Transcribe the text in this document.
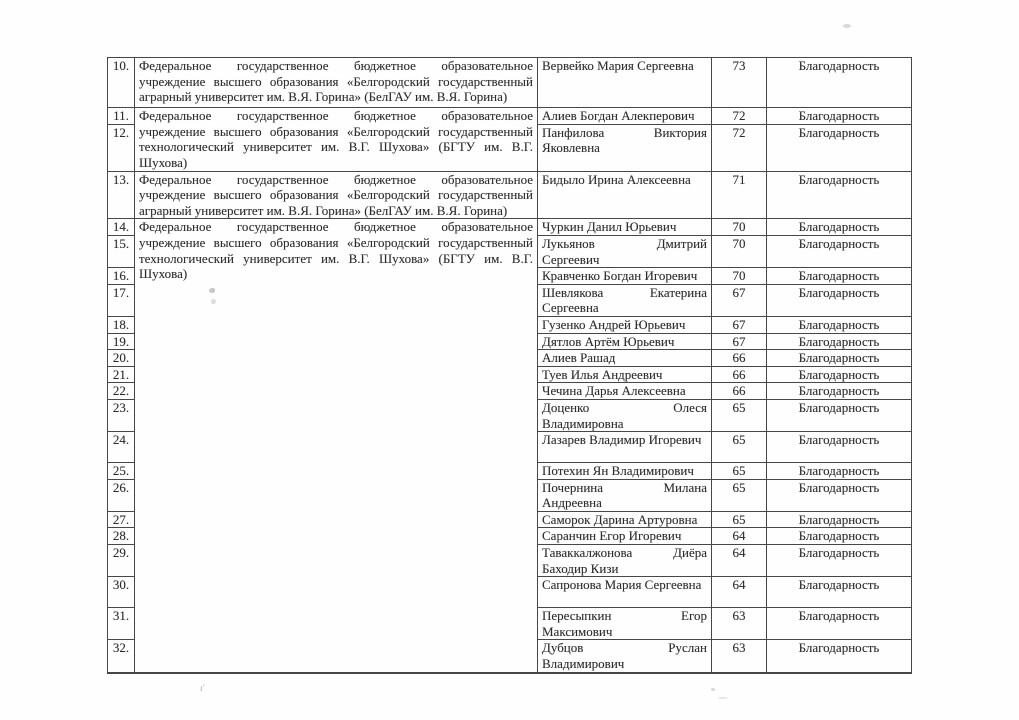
10.	Федеральное государственное бюджетное образовательное учреждение высшего образования «Белгородский государственный аграрный университет им. В.Я. Горина» (БелГАУ им. В.Я. Горина)	Вервейко Мария Сергеевна	73	Благодарность
11.	Федеральное государственное бюджетное образовательное учреждение высшего образования «Белгородский государственный технологический университет им. В.Г. Шухова» (БГТУ им. В.Г. Шухова)	Алиев Богдан Алекперович	72	Благодарность
12.		Панфилова Виктория Яковлевна	72	Благодарность
13.	Федеральное государственное бюджетное образовательное учреждение высшего образования «Белгородский государственный аграрный университет им. В.Я. Горина» (БелГАУ им. В.Я. Горина)	Бидыло Ирина Алексеевна	71	Благодарность
14.	Федеральное государственное бюджетное образовательное учреждение высшего образования «Белгородский государственный технологический университет им. В.Г. Шухова» (БГТУ им. В.Г. Шухова)	Чуркин Данил Юрьевич	70	Благодарность
15.		Лукьянов Дмитрий Сергеевич	70	Благодарность
16.		Кравченко Богдан Игоревич	70	Благодарность
17.		Шевлякова Екатерина Сергеевна	67	Благодарность
18.		Гузенко Андрей Юрьевич	67	Благодарность
19.		Дятлов Артём Юрьевич	67	Благодарность
20.		Алиев Рашад	66	Благодарность
21.		Туев Илья Андреевич	66	Благодарность
22.		Чечина Дарья Алексеевна	66	Благодарность
23.		Доценко Олеся Владимировна	65	Благодарность
24.		Лазарев Владимир Игоревич	65	Благодарность
25.		Потехин Ян Владимирович	65	Благодарность
26.		Почернина Милана Андреевна	65	Благодарность
27.		Саморок Дарина Артуровна	65	Благодарность
28.		Саранчин Егор Игоревич	64	Благодарность
29.		Таваккалжонова Диёра Баходир Кизи	64	Благодарность
30.		Сапронова Мария Сергеевна	64	Благодарность
31.		Пересыпкин Егор Максимович	63	Благодарность
32.		Дубцов Руслан Владимирович	63	Благодарность
ı′
